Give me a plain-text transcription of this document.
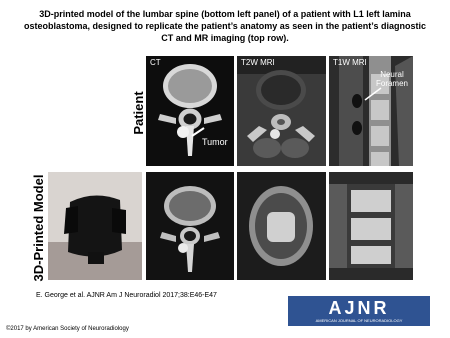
3D-printed model of the lumbar spine (bottom left panel) of a patient with L1 left lamina osteoblastoma, designed to replicate the patient’s anatomy as seen in the patient’s diagnostic CT and MR imaging (top row).
Patient
3D-Printed Model
CT
Tumor
T2W MRI	T1W MRI
Neural Foramen
E. George et al. AJNR Am J Neuroradiol 2017;38:E46-E47
AJNR
AMERICAN JOURNAL OF NEURORADIOLOGY
©2017 by American Society of Neuroradiology
